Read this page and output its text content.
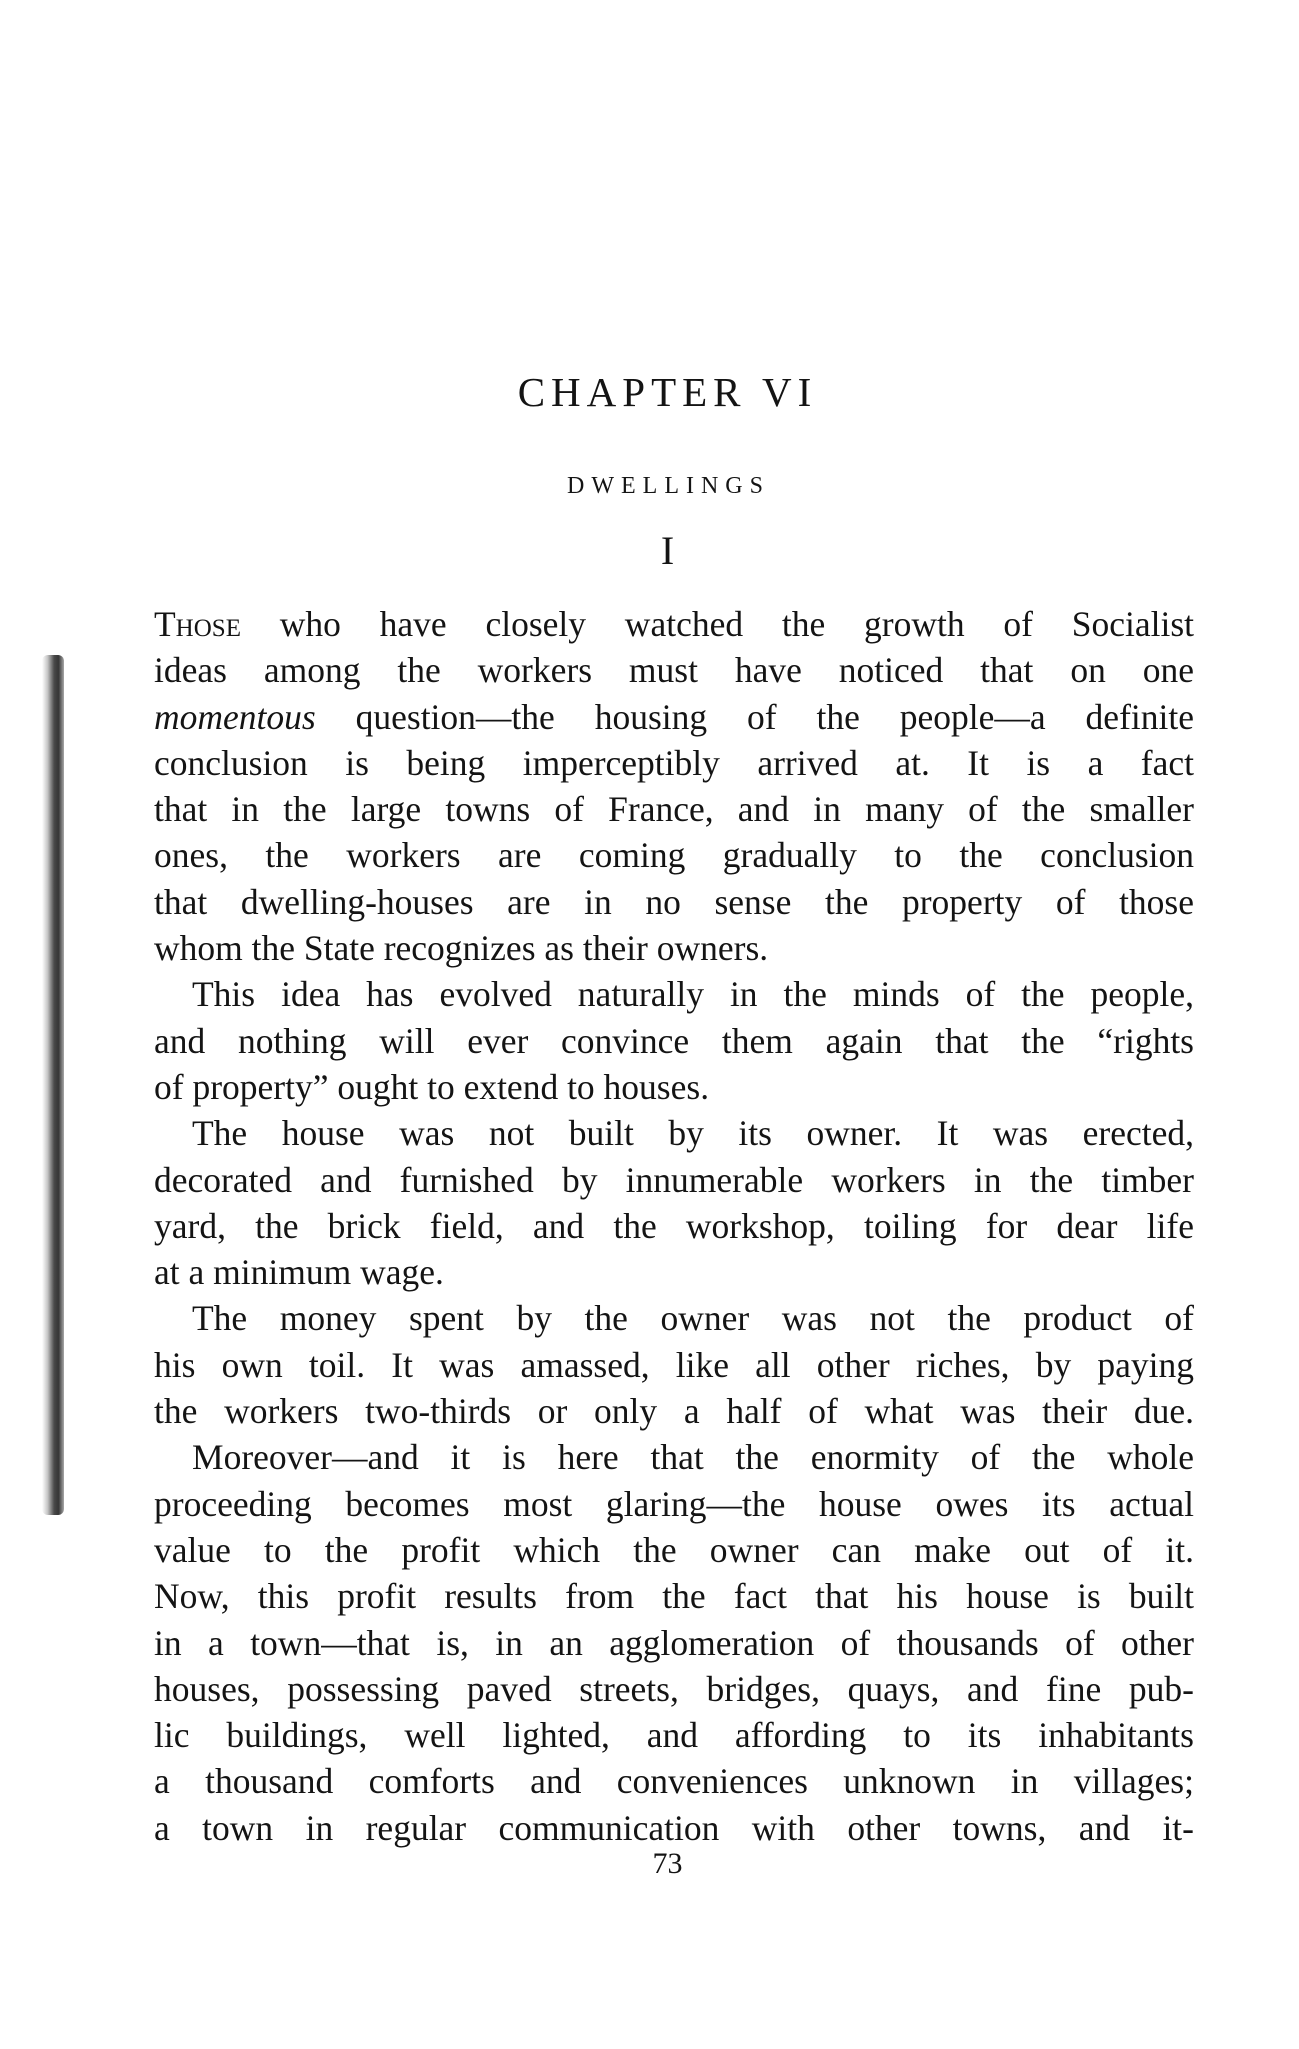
CHAPTER VI
DWELLINGS
I
Those who have closely watched the growth of Socialist
ideas among the workers must have noticed that on one
momentous question—the housing of the people—a definite
conclusion is being imperceptibly arrived at. It is a fact
that in the large towns of France, and in many of the smaller
ones, the workers are coming gradually to the conclusion
that dwelling-houses are in no sense the property of those
whom the State recognizes as their owners.
This idea has evolved naturally in the minds of the people,
and nothing will ever convince them again that the “rights
of property” ought to extend to houses.
The house was not built by its owner. It was erected,
decorated and furnished by innumerable workers in the timber
yard, the brick field, and the workshop, toiling for dear life
at a minimum wage.
The money spent by the owner was not the product of
his own toil. It was amassed, like all other riches, by paying
the workers two-thirds or only a half of what was their due.
Moreover—and it is here that the enormity of the whole
proceeding becomes most glaring—the house owes its actual
value to the profit which the owner can make out of it.
Now, this profit results from the fact that his house is built
in a town—that is, in an agglomeration of thousands of other
houses, possessing paved streets, bridges, quays, and fine pub-
lic buildings, well lighted, and affording to its inhabitants
a thousand comforts and conveniences unknown in villages;
a town in regular communication with other towns, and it-
73
